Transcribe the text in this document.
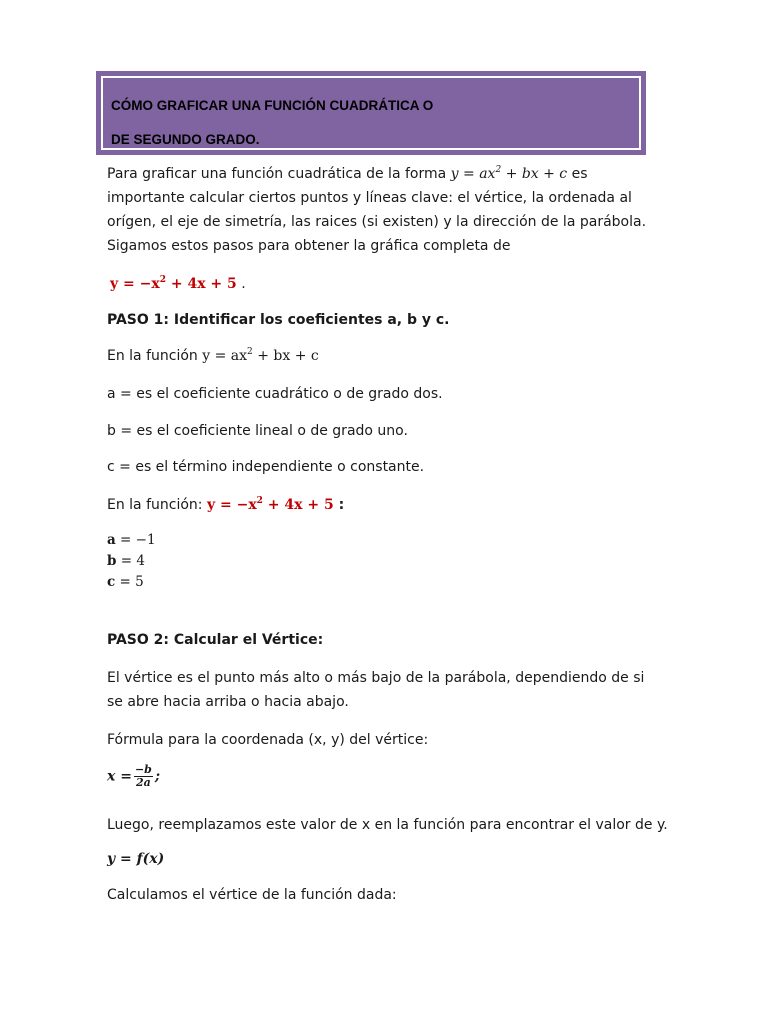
CÓMO GRAFICAR UNA FUNCIÓN CUADRÁTICA O
DE SEGUNDO GRADO.

Para graficar una función cuadrática de la forma $y = ax^2$ + bx + c es importante calcular ciertos puntos y líneas clave: el vértice, la ordenada al orígen, el eje de simetría, las raices (si existen) y la dirección de la parábola. Sigamos estos pasos para obtener la gráfica completa de

$y = -x^2 + 4x + 5$ .
PASO 1: Identificar los coeficientes a, b y c.
En la función $y = ax^2$ + bx + c
a = es el coeficiente cuadrático o de grado dos.
b = es el coeficiente lineal o de grado uno.
c = es el término independiente o constante.
En la función: $y = -x^2 + 4x + 5$ :
a = −1
b = 4
c = 5
PASO 2: Calcular el Vértice:

El vértice es el punto más alto o más bajo de la parábola, dependiendo de si se abre hacia arriba o hacia abajo.

Fórmula para la coordenada (x, y) del vértice:
$x = \frac{-b}{2a}$ ;
Luego, reemplazamos este valor de x en la función para encontrar el valor de y.
y = f(x)
Calculamos el vértice de la función dada:
